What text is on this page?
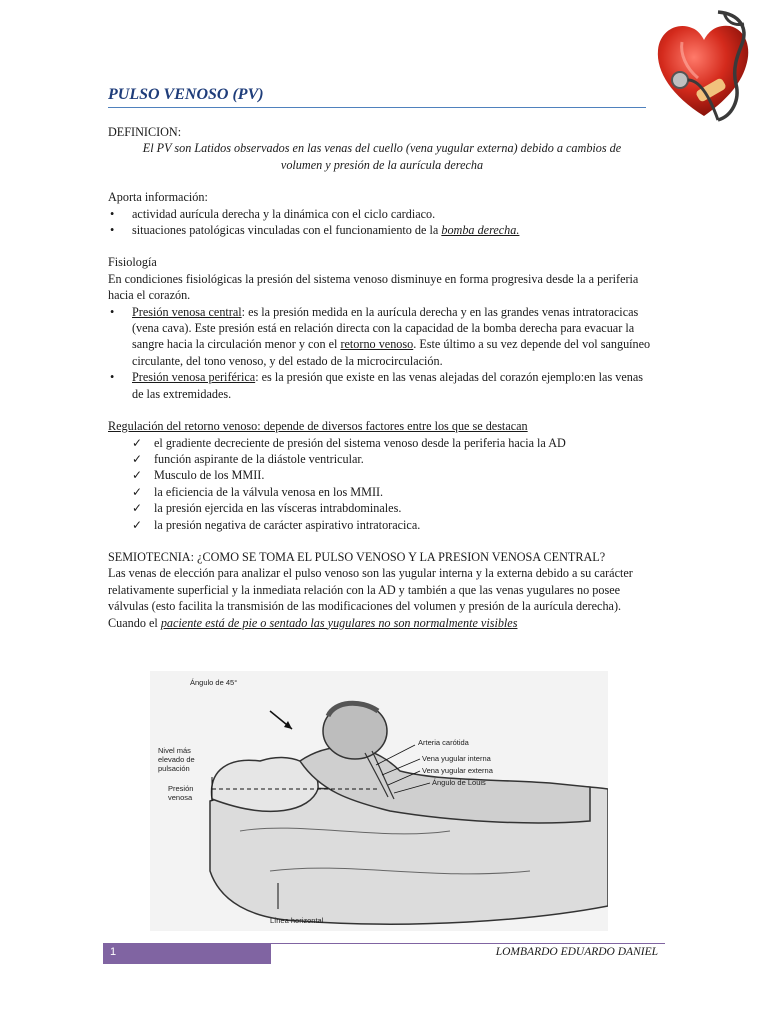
PULSO VENOSO (PV)
DEFINICION:
El PV son Latidos observados en las venas del cuello (vena yugular externa) debido a cambios de
volumen y presión de la aurícula derecha
Aporta información:
• actividad aurícula derecha y la dinámica con el ciclo cardiaco.
• situaciones patológicas vinculadas con el funcionamiento de la bomba derecha.
Fisiología
En condiciones fisiológicas la presión del sistema venoso disminuye en forma progresiva desde la a periferia hacia el corazón.
• Presión venosa central: es la presión medida en la aurícula derecha y en las grandes venas intratoracicas (vena cava). Este presión está en relación directa con la capacidad de la bomba derecha para evacuar la sangre hacia la circulación menor y con el retorno venoso. Este último a su vez depende del vol sanguíneo circulante, del tono venoso, y del estado de la microcirculación.
• Presión venosa periférica: es la presión que existe en las venas alejadas del corazón ejemplo:en las venas de las extremidades.
Regulación del retorno venoso: depende de diversos factores entre los que se destacan
✓ el gradiente decreciente de presión del sistema venoso desde la periferia hacia la AD
✓ función aspirante de la diástole ventricular.
✓ Musculo de los MMII.
✓ la eficiencia de la válvula venosa en los MMII.
✓ la presión ejercida en las vísceras intrabdominales.
✓ la presión negativa de carácter aspirativo intratoracica.
SEMIOTECNIA: ¿COMO SE TOMA EL PULSO VENOSO Y LA PRESION VENOSA CENTRAL?
Las venas de elección para analizar el pulso venoso son las yugular interna y la externa debido a su carácter relativamente superficial y la inmediata relación con la AD y también a que las venas yugulares no posee válvulas (esto facilita la transmisión de las modificaciones del volumen y presión de la aurícula derecha). Cuando el paciente está de pie o sentado las yugulares no son normalmente visibles
Ángulo de 45°
Nivel más
elevado de
pulsación
Presión
venosa
Arteria carótida
Vena yugular interna
Vena yugular externa
Ángulo de Louis
Línea horizontal
1	LOMBARDO EDUARDO DANIEL
